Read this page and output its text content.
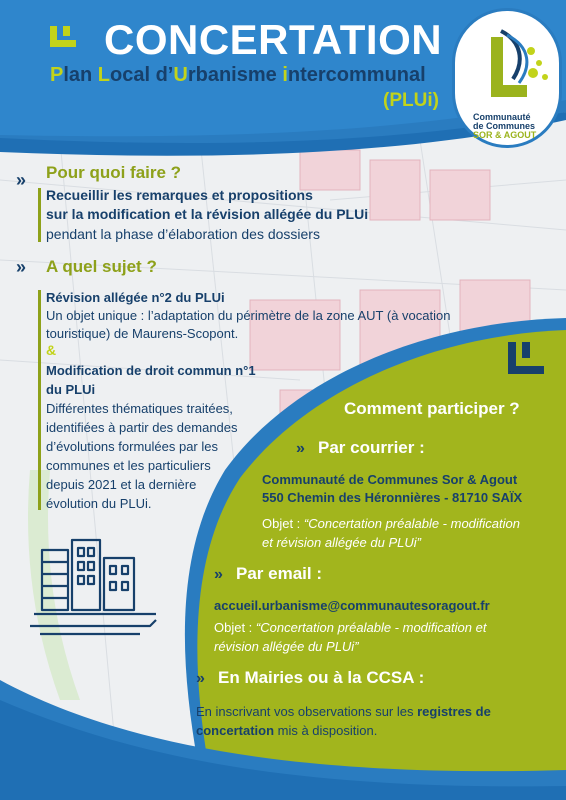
CONCERTATION
Plan Local d’Urbanisme intercommunal
(PLUi)
Communauté
de Communes
SOR & AGOUT
» Pour quoi faire ?
Recueillir les remarques et propositions
sur la modification et la révision allégée du PLUi
pendant la phase d’élaboration des dossiers
» A quel sujet ?
Révision allégée n°2 du PLUi
Un objet unique : l’adaptation du périmètre de la zone AUT (à vocation
touristique) de Maurens-Scopont.
&
Modification de droit commun n°1
du PLUi
Différentes thématiques traitées,
identifiées à partir des demandes
d’évolutions formulées par les
communes et les particuliers
depuis 2021 et la dernière
évolution du PLUi.
Comment participer ?
» Par courrier :
Communauté de Communes Sor & Agout
550 Chemin des Héronnières - 81710 SAÏX
Objet : “Concertation préalable - modification
et révision allégée du PLUi”
» Par email :
accueil.urbanisme@communautesoragout.fr
Objet : “Concertation préalable - modification et
révision allégée du PLUi”
» En Mairies ou à la CCSA :
En inscrivant vos observations sur les registres de
concertation mis à disposition.
